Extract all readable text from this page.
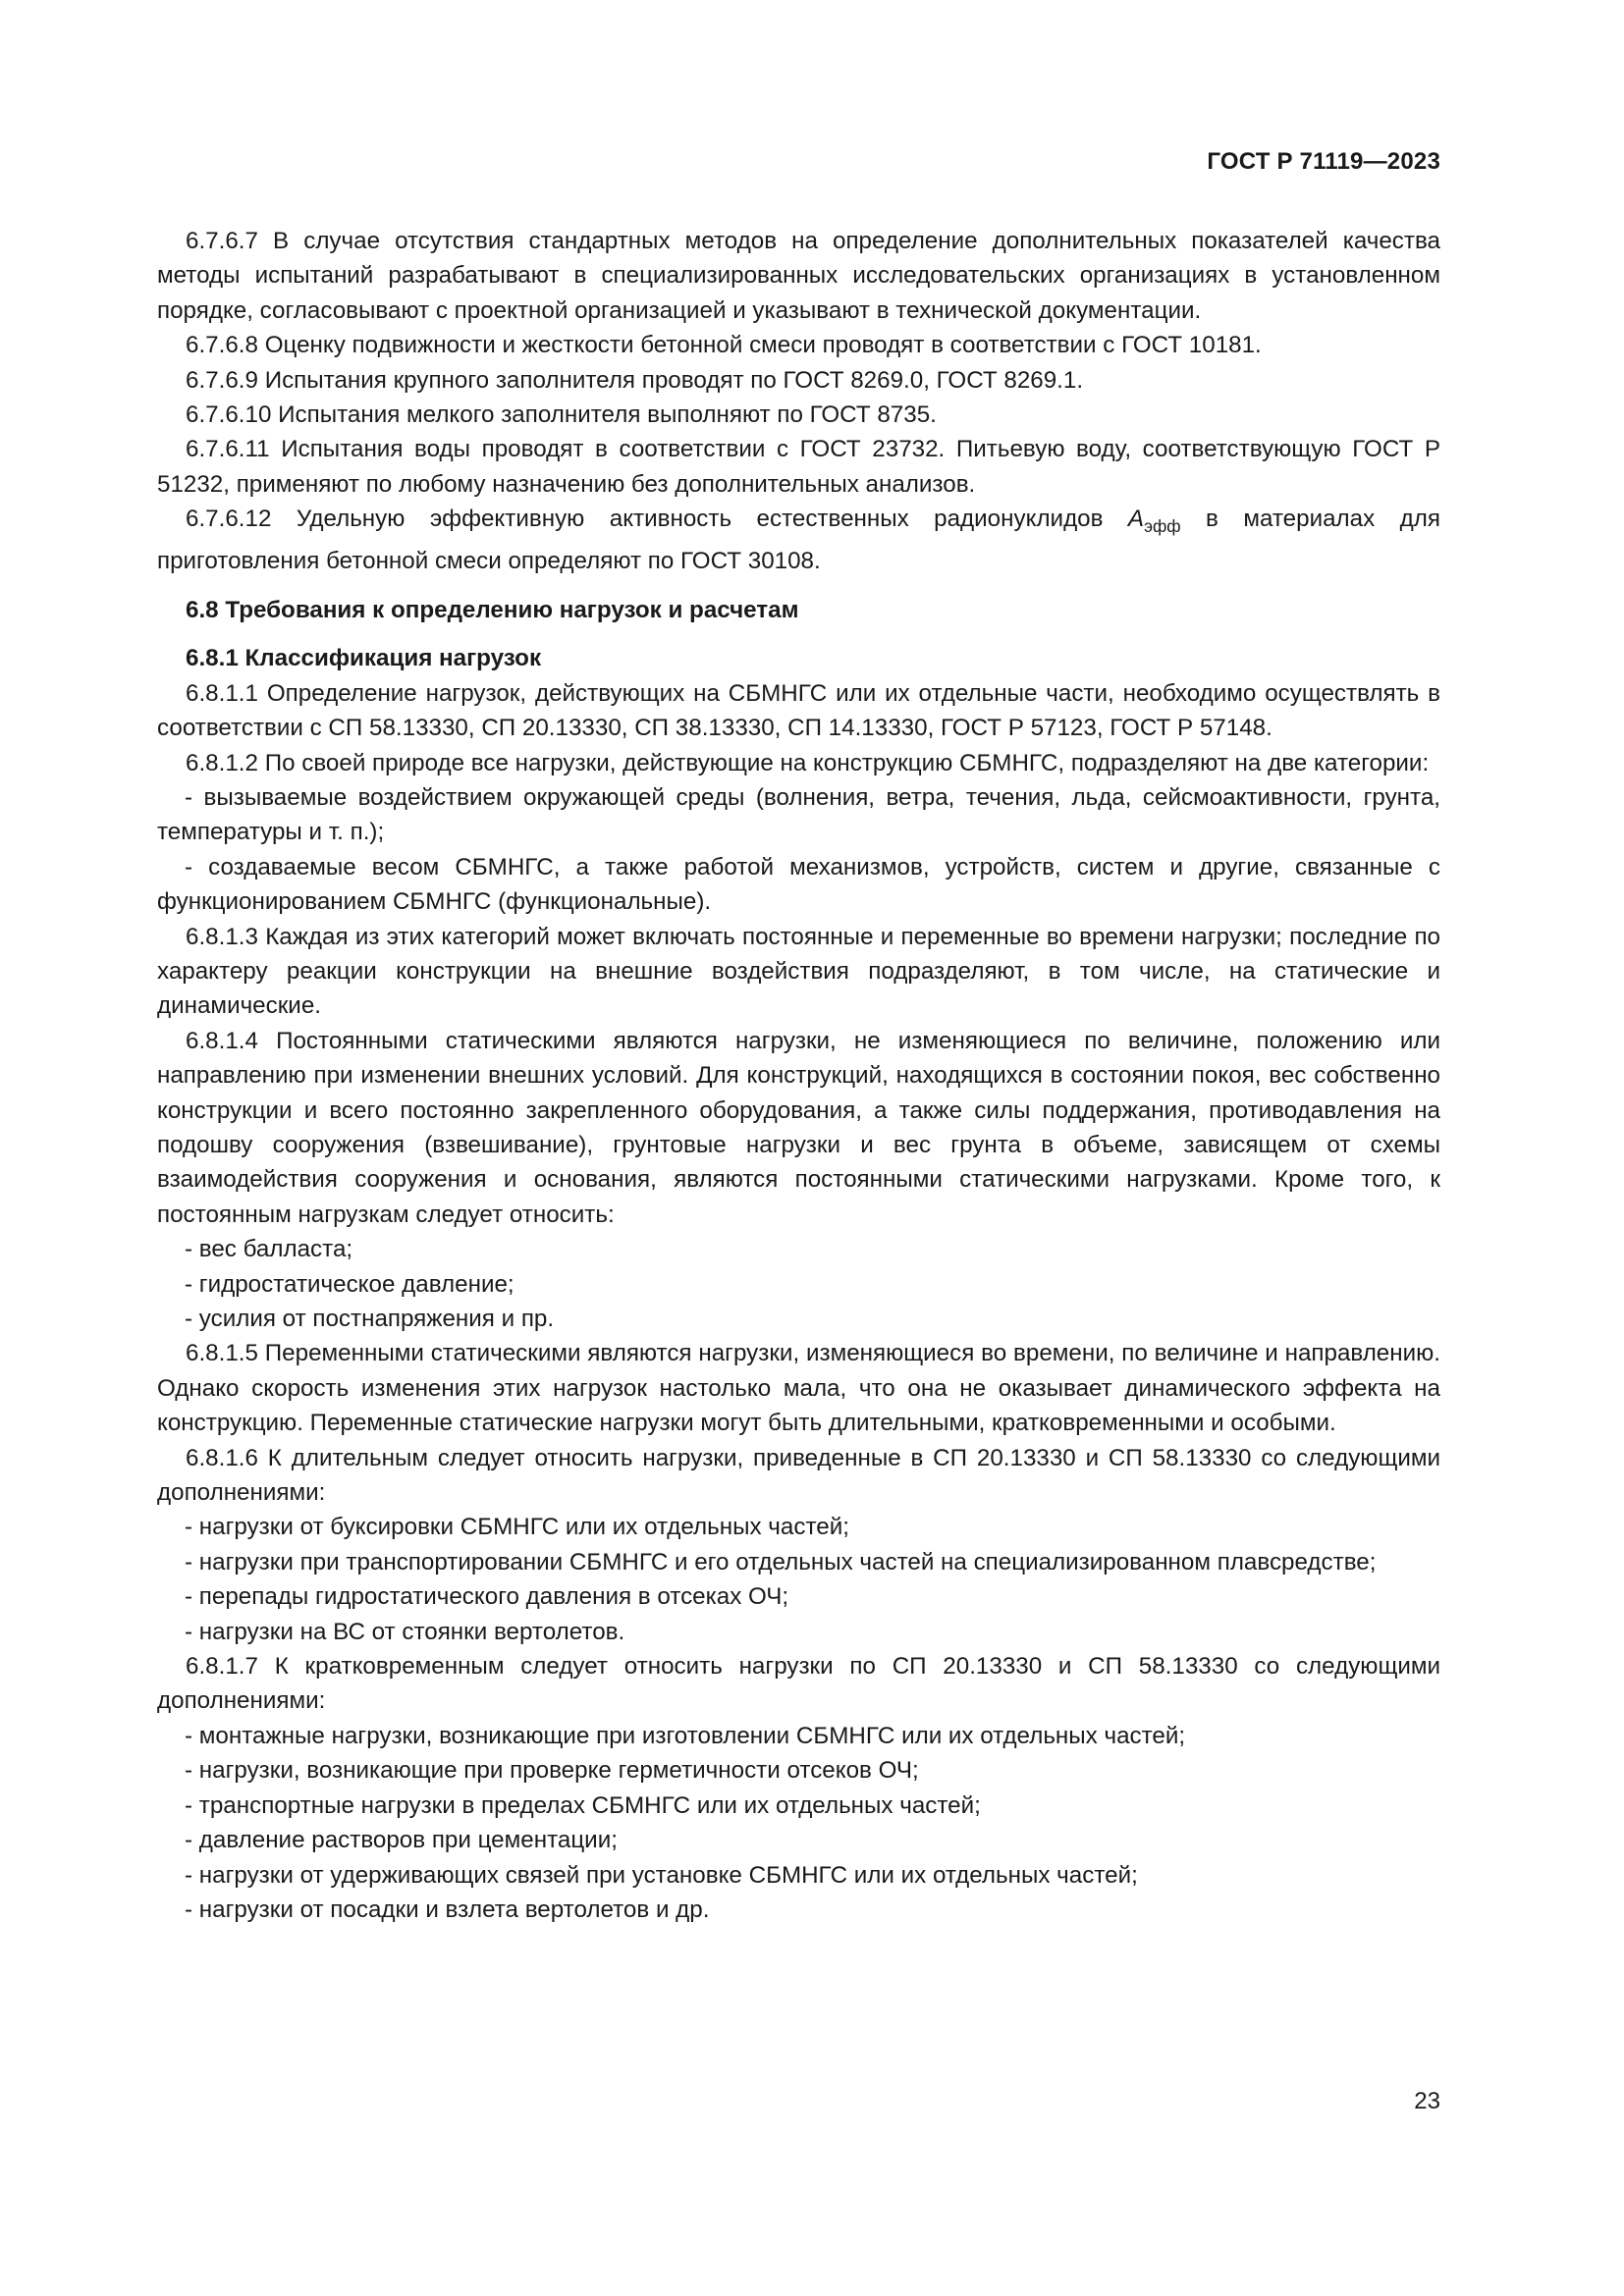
ГОСТ Р 71119—2023

6.7.6.7 В случае отсутствия стандартных методов на определение дополнительных показателей качества методы испытаний разрабатывают в специализированных исследовательских организациях в установленном порядке, согласовывают с проектной организацией и указывают в технической документации.

6.7.6.8 Оценку подвижности и жесткости бетонной смеси проводят в соответствии с ГОСТ 10181.

6.7.6.9 Испытания крупного заполнителя проводят по ГОСТ 8269.0, ГОСТ 8269.1.

6.7.6.10 Испытания мелкого заполнителя выполняют по ГОСТ 8735.

6.7.6.11 Испытания воды проводят в соответствии с ГОСТ 23732. Питьевую воду, соответствующую ГОСТ Р 51232, применяют по любому назначению без дополнительных анализов.

6.7.6.12 Удельную эффективную активность естественных радионуклидов $A_{эфф}$ в материалах для приготовления бетонной смеси определяют по ГОСТ 30108.

6.8 Требования к определению нагрузок и расчетам

6.8.1 Классификация нагрузок

6.8.1.1 Определение нагрузок, действующих на СБМНГС или их отдельные части, необходимо осуществлять в соответствии с СП 58.13330, СП 20.13330, СП 38.13330, СП 14.13330, ГОСТ Р 57123, ГОСТ Р 57148.

6.8.1.2 По своей природе все нагрузки, действующие на конструкцию СБМНГС, подразделяют на две категории:

- вызываемые воздействием окружающей среды (волнения, ветра, течения, льда, сейсмоактивности, грунта, температуры и т. п.);

- создаваемые весом СБМНГС, а также работой механизмов, устройств, систем и другие, связанные с функционированием СБМНГС (функциональные).

6.8.1.3 Каждая из этих категорий может включать постоянные и переменные во времени нагрузки; последние по характеру реакции конструкции на внешние воздействия подразделяют, в том числе, на статические и динамические.

6.8.1.4 Постоянными статическими являются нагрузки, не изменяющиеся по величине, положению или направлению при изменении внешних условий. Для конструкций, находящихся в состоянии покоя, вес собственно конструкции и всего постоянно закрепленного оборудования, а также силы поддержания, противодавления на подошву сооружения (взвешивание), грунтовые нагрузки и вес грунта в объеме, зависящем от схемы взаимодействия сооружения и основания, являются постоянными статическими нагрузками. Кроме того, к постоянным нагрузкам следует относить:

- вес балласта;

- гидростатическое давление;

- усилия от постнапряжения и пр.

6.8.1.5 Переменными статическими являются нагрузки, изменяющиеся во времени, по величине и направлению. Однако скорость изменения этих нагрузок настолько мала, что она не оказывает динамического эффекта на конструкцию. Переменные статические нагрузки могут быть длительными, кратковременными и особыми.

6.8.1.6 К длительным следует относить нагрузки, приведенные в СП 20.13330 и СП 58.13330 со следующими дополнениями:

- нагрузки от буксировки СБМНГС или их отдельных частей;

- нагрузки при транспортировании СБМНГС и его отдельных частей на специализированном плавсредстве;

- перепады гидростатического давления в отсеках ОЧ;

- нагрузки на ВС от стоянки вертолетов.

6.8.1.7 К кратковременным следует относить нагрузки по СП 20.13330 и СП 58.13330 со следующими дополнениями:

- монтажные нагрузки, возникающие при изготовлении СБМНГС или их отдельных частей;

- нагрузки, возникающие при проверке герметичности отсеков ОЧ;

- транспортные нагрузки в пределах СБМНГС или их отдельных частей;

- давление растворов при цементации;

- нагрузки от удерживающих связей при установке СБМНГС или их отдельных частей;

- нагрузки от посадки и взлета вертолетов и др.

23
